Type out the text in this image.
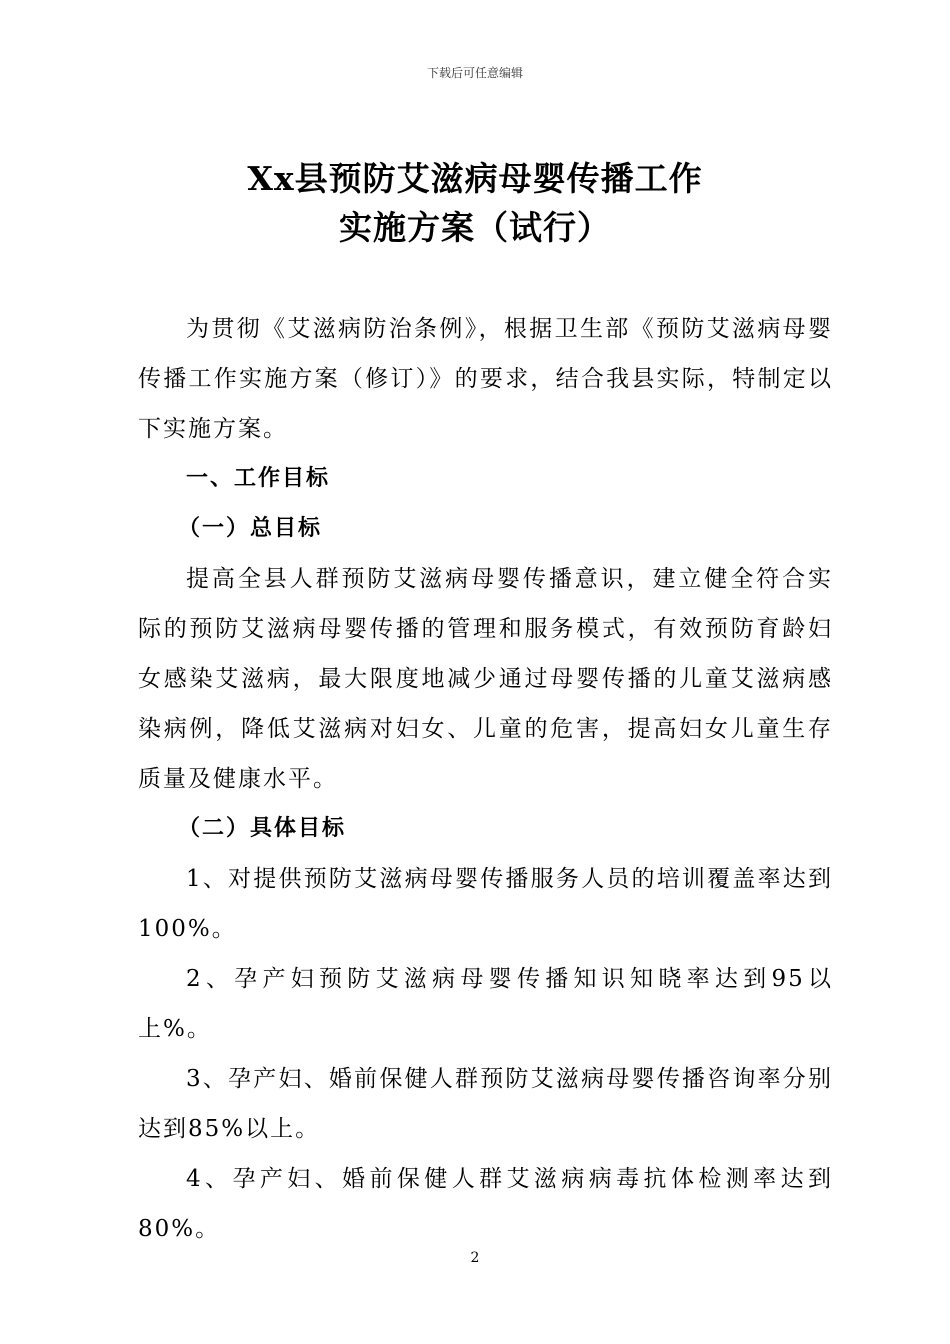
下载后可任意编辑
Xx县预防艾滋病母婴传播工作
实施方案（试行）

为贯彻《艾滋病防治条例》，根据卫生部《预防艾滋病母婴传播工作实施方案（修订）》的要求，结合我县实际，特制定以下实施方案。

一、工作目标

（一）总目标

提高全县人群预防艾滋病母婴传播意识，建立健全符合实际的预防艾滋病母婴传播的管理和服务模式，有效预防育龄妇女感染艾滋病，最大限度地减少通过母婴传播的儿童艾滋病感染病例，降低艾滋病对妇女、儿童的危害，提高妇女儿童生存质量及健康水平。

（二）具体目标

1、对提供预防艾滋病母婴传播服务人员的培训覆盖率达到100%。

2、孕产妇预防艾滋病母婴传播知识知晓率达到95以上%。

3、孕产妇、婚前保健人群预防艾滋病母婴传播咨询率分别达到85%以上。

4、孕产妇、婚前保健人群艾滋病病毒抗体检测率达到80%。

2
